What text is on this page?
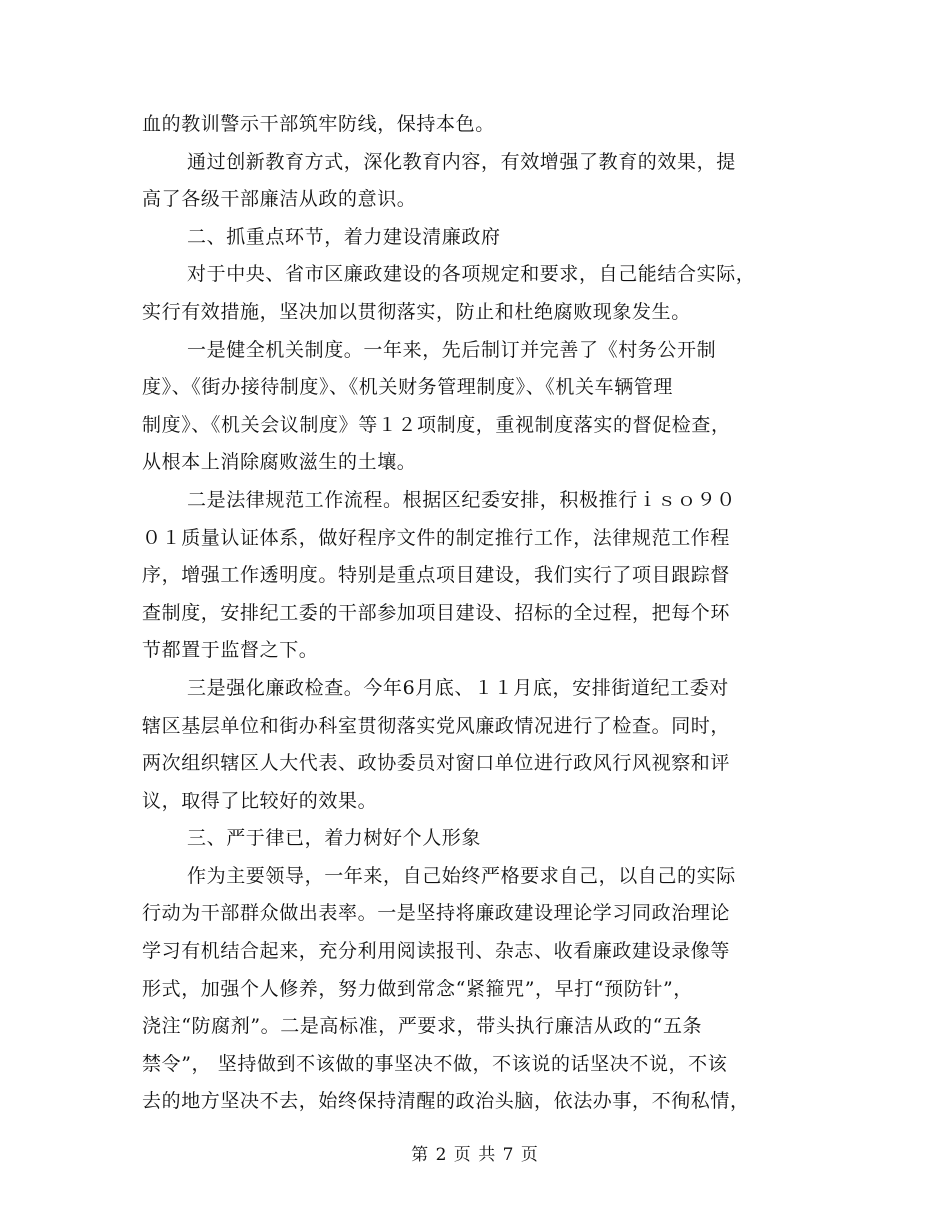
血的教训警示干部筑牢防线，保持本色。
通过创新教育方式，深化教育内容，有效增强了教育的效果，提
高了各级干部廉洁从政的意识。
二、抓重点环节，着力建设清廉政府
对于中央、省市区廉政建设的各项规定和要求，自己能结合实际，
实行有效措施，坚决加以贯彻落实，防止和杜绝腐败现象发生。
一是健全机关制度。一年来，先后制订并完善了《村务公开制
度》、《街办接待制度》、《机关财务管理制度》、《机关车辆管理
制度》、《机关会议制度》等１２项制度，重视制度落实的督促检查，
从根本上消除腐败滋生的土壤。
二是法律规范工作流程。根据区纪委安排，积极推行ｉｓｏ９０
０１质量认证体系，做好程序文件的制定推行工作，法律规范工作程
序，增强工作透明度。特别是重点项目建设，我们实行了项目跟踪督
查制度，安排纪工委的干部参加项目建设、招标的全过程，把每个环
节都置于监督之下。
三是强化廉政检查。今年6月底、１１月底，安排街道纪工委对
辖区基层单位和街办科室贯彻落实党风廉政情况进行了检查。同时，
两次组织辖区人大代表、政协委员对窗口单位进行政风行风视察和评
议，取得了比较好的效果。
三、严于律已，着力树好个人形象
作为主要领导，一年来，自己始终严格要求自己，以自己的实际
行动为干部群众做出表率。一是坚持将廉政建设理论学习同政治理论
学习有机结合起来，充分利用阅读报刊、杂志、收看廉政建设录像等
形式，加强个人修养，努力做到常念“紧箍咒”，早打“预防针”，
浇注“防腐剂”。二是高标准，严要求，带头执行廉洁从政的“五条
禁令”， 坚持做到不该做的事坚决不做，不该说的话坚决不说，不该
去的地方坚决不去，始终保持清醒的政治头脑，依法办事，不徇私情，
第 2 页 共 7 页
